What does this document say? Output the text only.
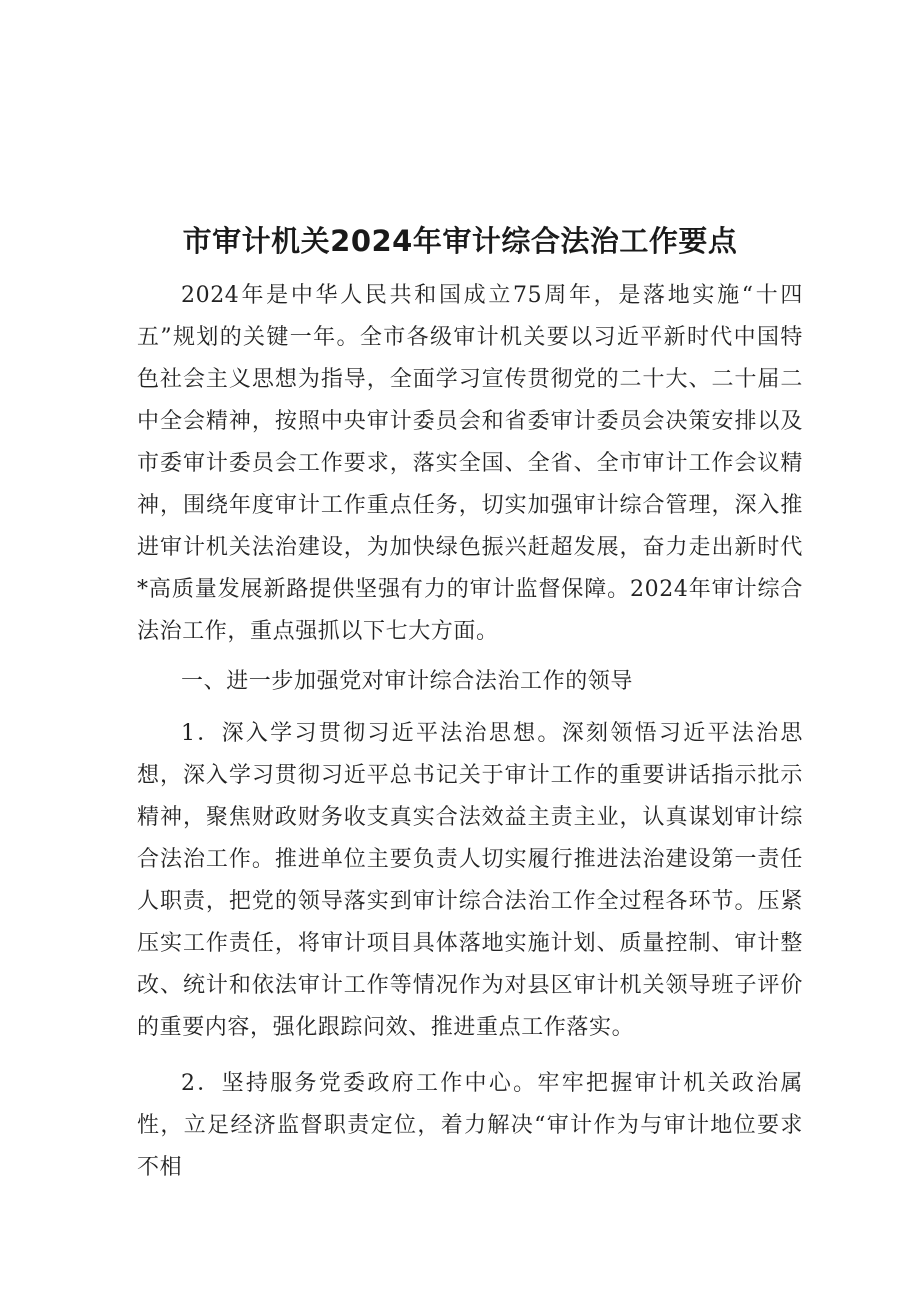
市审计机关2024年审计综合法治工作要点

2024年是中华人民共和国成立75周年，是落地实施“十四五”规划的关键一年。全市各级审计机关要以习近平新时代中国特色社会主义思想为指导，全面学习宣传贯彻党的二十大、二十届二中全会精神，按照中央审计委员会和省委审计委员会决策安排以及市委审计委员会工作要求，落实全国、全省、全市审计工作会议精神，围绕年度审计工作重点任务，切实加强审计综合管理，深入推进审计机关法治建设，为加快绿色振兴赶超发展，奋力走出新时代*高质量发展新路提供坚强有力的审计监督保障。2024年审计综合法治工作，重点强抓以下七大方面。

一、进一步加强党对审计综合法治工作的领导

1．深入学习贯彻习近平法治思想。深刻领悟习近平法治思想，深入学习贯彻习近平总书记关于审计工作的重要讲话指示批示精神，聚焦财政财务收支真实合法效益主责主业，认真谋划审计综合法治工作。推进单位主要负责人切实履行推进法治建设第一责任人职责，把党的领导落实到审计综合法治工作全过程各环节。压紧压实工作责任，将审计项目具体落地实施计划、质量控制、审计整改、统计和依法审计工作等情况作为对县区审计机关领导班子评价的重要内容，强化跟踪问效、推进重点工作落实。

2．坚持服务党委政府工作中心。牢牢把握审计机关政治属性，立足经济监督职责定位，着力解决“审计作为与审计地位要求不相
